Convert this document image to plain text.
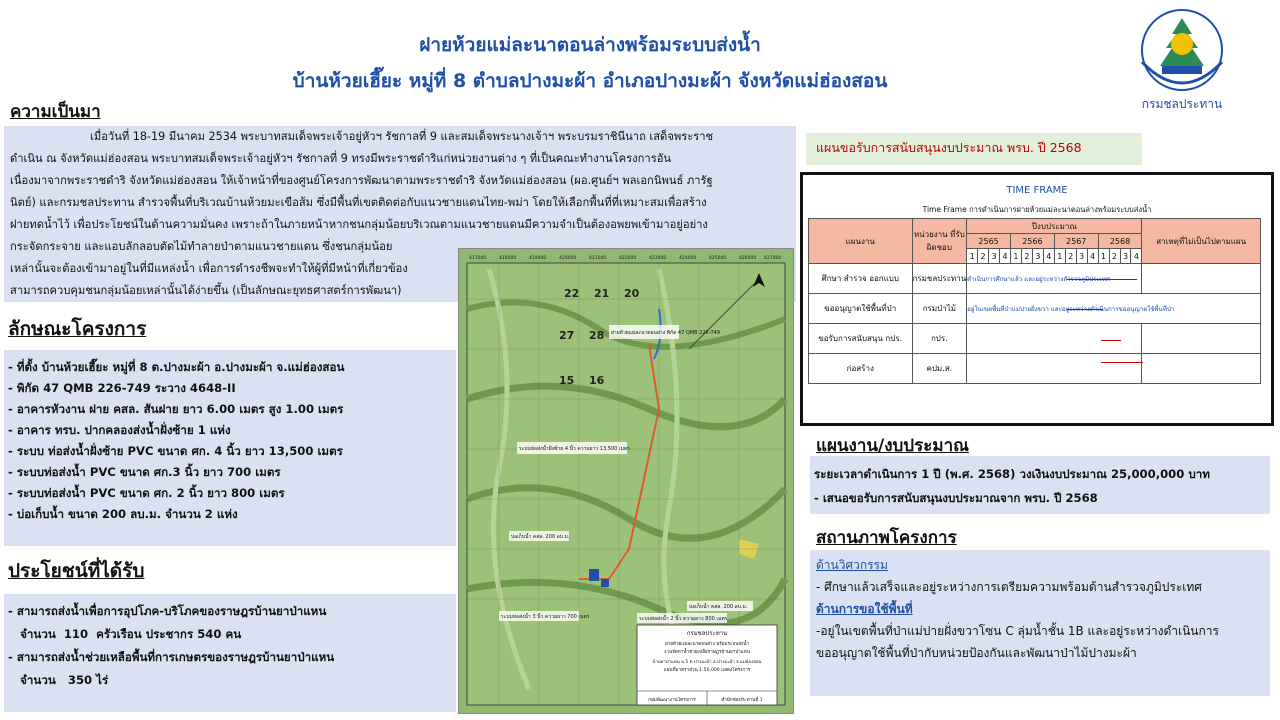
ฝายห้วยแม่ละนาตอนล่างพร้อมระบบส่งน้ำ
บ้านห้วยเฮี๊ยะ หมู่ที่ 8 ตำบลปางมะผ้า อำเภอปางมะผ้า จังหวัดแม่ฮ่องสอน
กรมชลประทาน
ความเป็นมา
เมื่อวันที่ 18-19 มีนาคม 2534 พระบาทสมเด็จพระเจ้าอยู่หัวฯ รัชกาลที่ 9 และสมเด็จพระนางเจ้าฯ พระบรมราชินีนาถ เสด็จพระราช
ดำเนิน ณ จังหวัดแม่ฮ่องสอน พระบาทสมเด็จพระเจ้าอยู่หัวฯ รัชกาลที่ 9 ทรงมีพระราชดำริแก่หน่วยงานต่าง ๆ ที่เป็นคณะทำงานโครงการอัน
เนื่องมาจากพระราชดำริ จังหวัดแม่ฮ่องสอน ให้เจ้าหน้าที่ของศูนย์โครงการพัฒนาตามพระราชดำริ จังหวัดแม่ฮ่องสอน (ผอ.ศูนย์ฯ พลเอกนิพนธ์ ภารัฐ
นิตย์) และกรมชลประทาน สำรวจพื้นที่บริเวณบ้านห้วยมะเขือส้ม ซึ่งมีพื้นที่เขตติดต่อกับแนวชายแดนไทย-พม่า โดยให้เลือกพื้นที่ที่เหมาะสมเพื่อสร้าง
ฝายทดน้ำไว้ เพื่อประโยชน์ในด้านความมั่นคง เพราะถ้าในภายหน้าหากชนกลุ่มน้อยบริเวณตามแนวชายแดนมีความจำเป็นต้องอพยพเข้ามาอยู่อย่าง
กระจัดกระจาย และแอบลักลอบตัดไม้ทำลายป่าตามแนวชายแดน ซึ่งชนกลุ่มน้อย
เหล่านั้นจะต้องเข้ามาอยู่ในที่มีแหล่งน้ำ เพื่อการดำรงชีพจะทำให้ผู้ที่มีหน้าที่เกี่ยวข้อง
สามารถควบคุมชนกลุ่มน้อยเหล่านั้นได้ง่ายขึ้น (เป็นลักษณะยุทธศาสตร์การพัฒนา)
ลักษณะโครงการ
- ที่ตั้ง บ้านห้วยเฮี๊ยะ หมู่ที่ 8 ต.ปางมะผ้า อ.ปางมะผ้า จ.แม่ฮ่องสอน
- พิกัด 47 QMB 226-749 ระวาง 4648-II
- อาคารหัวงาน ฝาย คสล. สันฝาย ยาว 6.00 เมตร สูง 1.00 เมตร
- อาคาร ทรบ. ปากคลองส่งน้ำฝั่งซ้าย 1 แห่ง
- ระบบ ท่อส่งน้ำฝั่งซ้าย PVC ขนาด ศก. 4 นิ้ว ยาว 13,500 เมตร
- ระบบท่อส่งน้ำ PVC ขนาด ศก.3 นิ้ว ยาว 700 เมตร
- ระบบท่อส่งน้ำ PVC ขนาด ศก. 2 นิ้ว ยาว 800 เมตร
- บ่อเก็บน้ำ ขนาด 200 ลบ.ม. จำนวน 2 แห่ง
ประโยชน์ที่ได้รับ
- สามารถส่งน้ำเพื่อการอุปโภค-บริโภคของราษฎรบ้านยาป่าแหน
จำนวน  110  ครัวเรือน ประชากร 540 คน
- สามารถส่งน้ำช่วยเหลือพื้นที่การเกษตรของราษฎรบ้านยาป่าแหน
จำนวน   350 ไร่
417000	418000	419000	420000	421000	422000	423000	424000	425000	426000 427000
22 21
27 28
20
15 16
ฝายห้วยแม่ละนาตอนล่าง พิกัด 47 QMB 226-749
ระบบท่อส่งน้ำฝั่งซ้าย 4 นิ้ว ความยาว 13,500 เมตร
บ่อเก็บน้ำ คสล. 200 ลบ.ม.
บ่อเก็บน้ำ คสล. 200 ลบ.ม.
ระบบท่อส่งน้ำ 3 นิ้ว ความยาว 700 เมตร	ระบบท่อส่งน้ำ 2 นิ้ว ความยาว 800 เมตร
กรมชลประทาน
ฝายห้วยแม่ละนาตอนล่าง พร้อมระบบส่งน้ำ
งานจัดหาน้ำช่วยเหลือราษฎรบ้านยาป่าแหน
บ้านยาป่าแหน ม.5 ต.ปางมะผ้า อ.ปางมะผ้า จ.แม่ฮ่องสอน
แผนที่มาตราส่วน 1:50,000 แสดงโครงการ
กลุ่มพัฒนางานโครงการ	สำนักชลประทานที่ 1
แผนขอรับการสนับสนุนงบประมาณ พรบ. ปี 2568
TIME FRAME
Time Frame การดำเนินการฝายห้วยแม่ละนาตอนล่างพร้อมระบบส่งน้ำ
แผนงาน	หน่วยงาน ที่รับผิดชอบ	ปีงบประมาณ																สาเหตุที่ไม่เป็นไปตามแผน
		2565				2566				2567				2568				
		1	2	3	4	1	2	3	4	1	2	3	4	1	2	3	4	
ศึกษา สำรวจ ออกแบบ	กรมชลประทาน	ดำเนินการศึกษาแล้ว และอยู่ระหว่างสำรวจภูมิประเทศ															

ขออนุญาตใช้พื้นที่ป่า	กรมป่าไม้	อยู่ในเขตพื้นที่ป่าแม่ปายฝั่งขวา และอยู่ระหว่างดำเนินการขออนุญาตใช้พื้นที่ป่า																

ขอรับการสนับสนุน กปร.	กปร.																

ก่อสร้าง	คปม.ส.																

แผนงาน/งบประมาณ
ระยะเวลาดำเนินการ 1 ปี (พ.ศ. 2568) วงเงินงบประมาณ 25,000,000 บาท
- เสนอขอรับการสนับสนุนงบประมาณจาก พรบ. ปี 2568
สถานภาพโครงการ
ด้านวิศวกรรม
- ศึกษาแล้วเสร็จและอยู่ระหว่างการเตรียมความพร้อมด้านสำรวจภูมิประเทศ
ด้านการขอใช้พื้นที่
-อยู่ในเขตพื้นที่ป่าแม่ปายฝั่งขวาโซน C ลุ่มน้ำชั้น 1B และอยู่ระหว่างดำเนินการ
ขออนุญาตใช้พื้นที่ป่ากับหน่วยป้องกันและพัฒนาป่าไม้ปางมะผ้า
